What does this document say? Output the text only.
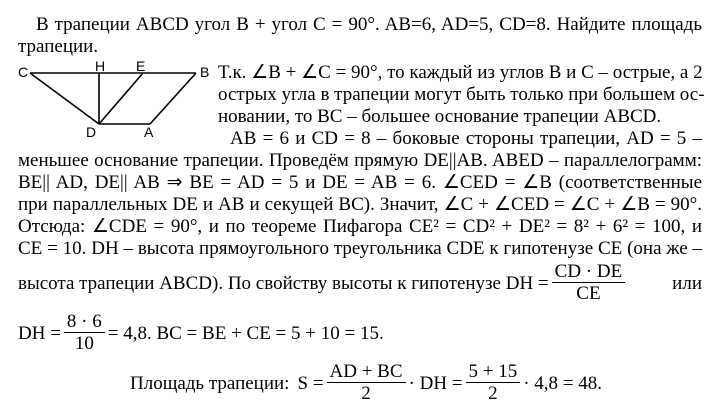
В трапеции ABCD угол B + угол C = 90°. AB=6, AD=5, CD=8. Найдите площадь
трапеции.
C	H E	B
D	A
Т.к. ∠B + ∠C = 90°, то каждый из углов B и C – острые, а 2
острых угла в трапеции могут быть только при большем ос-
новании, то BC – большее основание трапеции ABCD.
AB = 6 и CD = 8 – боковые стороны трапеции, AD = 5 –
меньшее основание трапеции. Проведём прямую DE||AB. ABED – параллелограмм:
BE|| AD, DE|| AB ⇒ BE = AD = 5 и DE = AB = 6. ∠CED = ∠B (соответственные
при параллельных DE и AB и секущей BC). Значит, ∠C + ∠CED = ∠C + ∠B = 90°.
Отсюда: ∠CDE = 90°, и по теореме Пифагора CE² = CD² + DE² = 8² + 6² = 100, и
CE = 10. DH – высота прямоугольного треугольника CDE к гипотенузе CE (она же –
высота трапеции ABCD). По свойству высоты к гипотенузе DH = $\frac{CD \cdot DE}{CE}$ или
DH = $\frac{8 \cdot 6}{10} = 4,8$. BC = BE + CE = 5 + 10 = 15.
Площадь трапеции: $S = \frac{AD + BC}{2}$ · DH = $\frac{5 + 15}{2} \cdot 4,8 = 48$.
